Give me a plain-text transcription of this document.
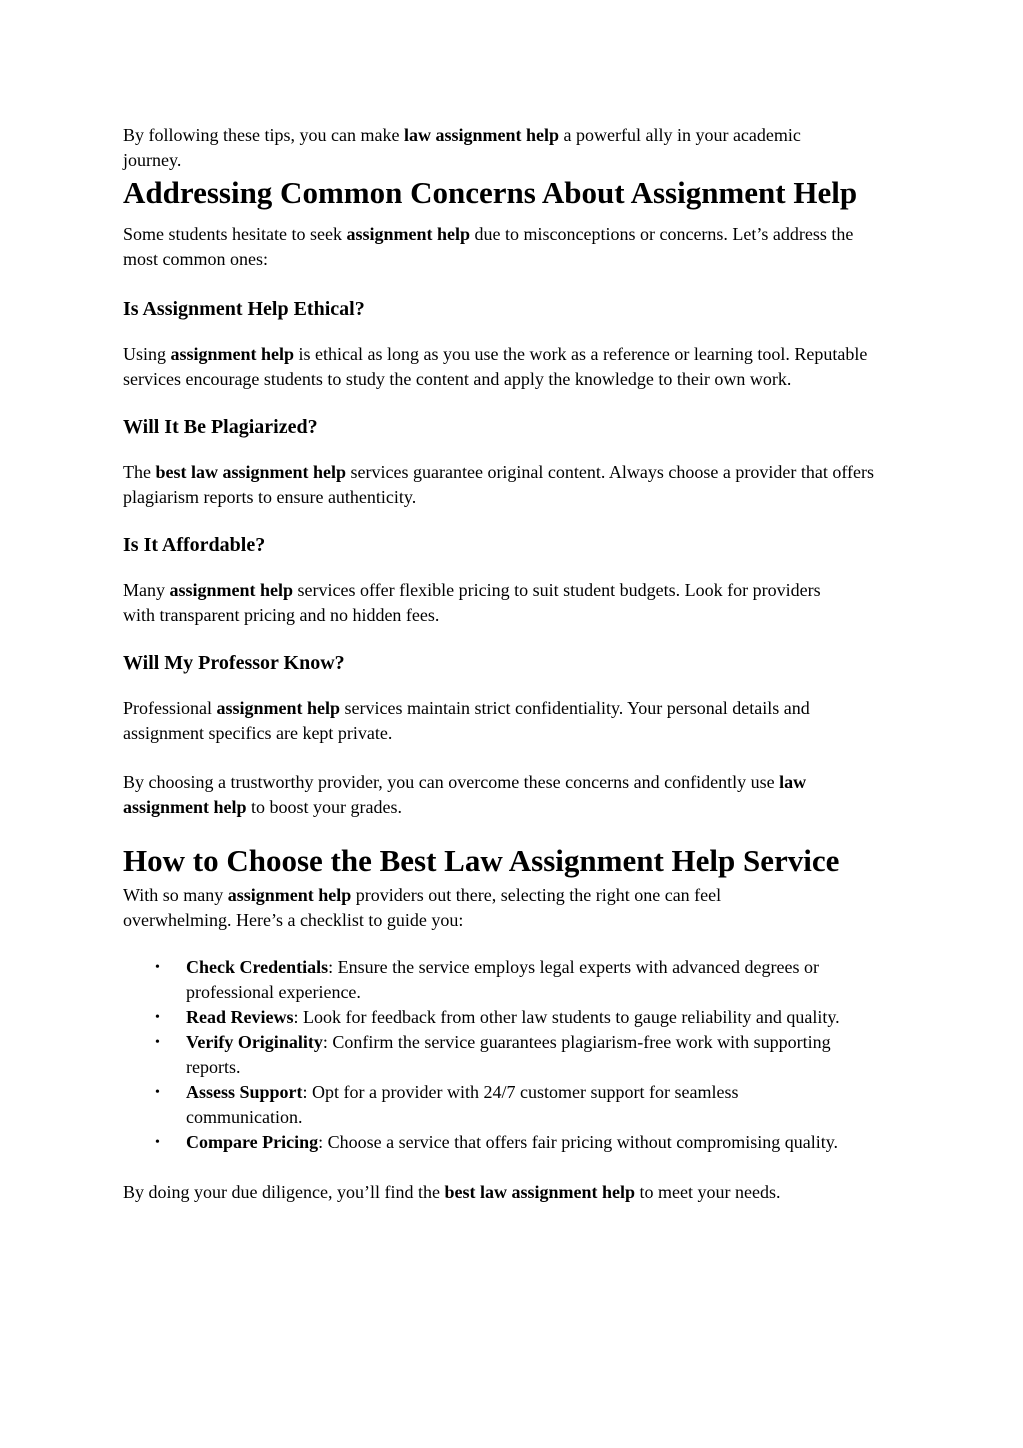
By following these tips, you can make law assignment help a powerful ally in your academic journey.

Addressing Common Concerns About Assignment Help

Some students hesitate to seek assignment help due to misconceptions or concerns. Let’s address the most common ones:

Is Assignment Help Ethical?

Using assignment help is ethical as long as you use the work as a reference or learning tool. Reputable services encourage students to study the content and apply the knowledge to their own work.

Will It Be Plagiarized?

The best law assignment help services guarantee original content. Always choose a provider that offers plagiarism reports to ensure authenticity.

Is It Affordable?

Many assignment help services offer flexible pricing to suit student budgets. Look for providers with transparent pricing and no hidden fees.

Will My Professor Know?

Professional assignment help services maintain strict confidentiality. Your personal details and assignment specifics are kept private.

By choosing a trustworthy provider, you can overcome these concerns and confidently use law assignment help to boost your grades.

How to Choose the Best Law Assignment Help Service

With so many assignment help providers out there, selecting the right one can feel overwhelming. Here’s a checklist to guide you:

• Check Credentials: Ensure the service employs legal experts with advanced degrees or professional experience.
• Read Reviews: Look for feedback from other law students to gauge reliability and quality.
• Verify Originality: Confirm the service guarantees plagiarism-free work with supporting reports.
• Assess Support: Opt for a provider with 24/7 customer support for seamless communication.
• Compare Pricing: Choose a service that offers fair pricing without compromising quality.

By doing your due diligence, you’ll find the best law assignment help to meet your needs.
